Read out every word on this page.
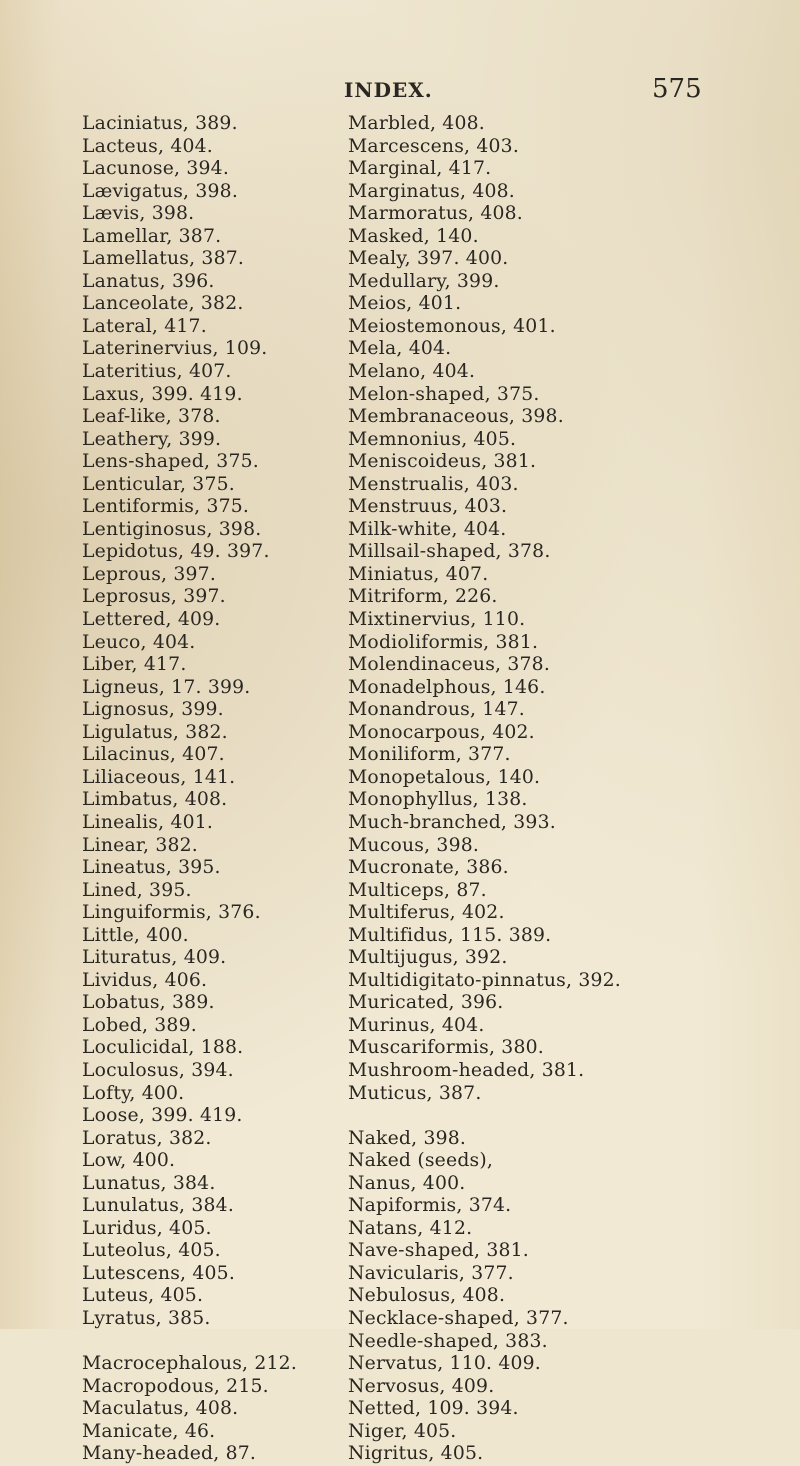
INDEX.	575
Laciniatus, 389.
Lacteus, 404.
Lacunose, 394.
Lævigatus, 398.
Lævis, 398.
Lamellar, 387.
Lamellatus, 387.
Lanatus, 396.
Lanceolate, 382.
Lateral, 417.
Laterinervius, 109.
Lateritius, 407.
Laxus, 399. 419.
Leaf-like, 378.
Leathery, 399.
Lens-shaped, 375.
Lenticular, 375.
Lentiformis, 375.
Lentiginosus, 398.
Lepidotus, 49. 397.
Leprous, 397.
Leprosus, 397.
Lettered, 409.
Leuco, 404.
Liber, 417.
Ligneus, 17. 399.
Lignosus, 399.
Ligulatus, 382.
Lilacinus, 407.
Liliaceous, 141.
Limbatus, 408.
Linealis, 401.
Linear, 382.
Lineatus, 395.
Lined, 395.
Linguiformis, 376.
Little, 400.
Lituratus, 409.
Lividus, 406.
Lobatus, 389.
Lobed, 389.
Loculicidal, 188.
Loculosus, 394.
Lofty, 400.
Loose, 399. 419.
Loratus, 382.
Low, 400.
Lunatus, 384.
Lunulatus, 384.
Luridus, 405.
Luteolus, 405.
Lutescens, 405.
Luteus, 405.
Lyratus, 385.
Macrocephalous, 212.
Macropodous, 215.
Maculatus, 408.
Manicate, 46.
Many-headed, 87.
Marbled, 408.
Marcescens, 403.
Marginal, 417.
Marginatus, 408.
Marmoratus, 408.
Masked, 140.
Mealy, 397. 400.
Medullary, 399.
Meios, 401.
Meiostemonous, 401.
Mela, 404.
Melano, 404.
Melon-shaped, 375.
Membranaceous, 398.
Memnonius, 405.
Meniscoideus, 381.
Menstrualis, 403.
Menstruus, 403.
Milk-white, 404.
Millsail-shaped, 378.
Miniatus, 407.
Mitriform, 226.
Mixtinervius, 110.
Modioliformis, 381.
Molendinaceus, 378.
Monadelphous, 146.
Monandrous, 147.
Monocarpous, 402.
Moniliform, 377.
Monopetalous, 140.
Monophyllus, 138.
Much-branched, 393.
Mucous, 398.
Mucronate, 386.
Multiceps, 87.
Multiferus, 402.
Multifidus, 115. 389.
Multijugus, 392.
Multidigitato-pinnatus, 392.
Muricated, 396.
Murinus, 404.
Muscariformis, 380.
Mushroom-headed, 381.
Muticus, 387.
Naked, 398.
Naked (seeds),
Nanus, 400.
Napiformis, 374.
Natans, 412.
Nave-shaped, 381.
Navicularis, 377.
Nebulosus, 408.
Necklace-shaped, 377.
Needle-shaped, 383.
Nervatus, 110. 409.
Nervosus, 409.
Netted, 109. 394.
Niger, 405.
Nigritus, 405.
